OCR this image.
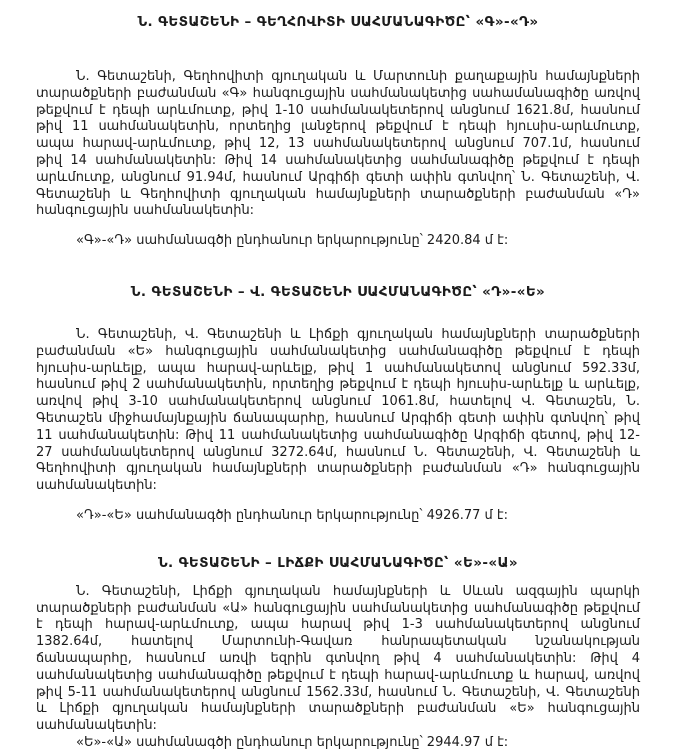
Ն. ԳԵՏԱՇԵՆԻ – ԳԵՂՀՈՎԻՏԻ ՍԱՀՄԱՆԱԳԻԾԸ՝ «Գ»-«Դ»

Ն. Գետաշենի, Գեղհովիտի գյուղական և Մարտունի քաղաքային համայնքների տարածքների բաժանման «Գ» հանգուցային սահմանակետից սահամանագիծը առվով թեքվում է դեպի արևմուտք, թիվ 1-10 սահմանակետերով անցնում 1621.8մ, հասնում թիվ 11 սահմանակետին, որտեղից լանջերով թեքվում է դեպի հյուսիս-արևմուտք, ապա հարավ-արևմուտք, թիվ 12, 13 սահմանակետերով անցնում 707.1մ, հասնում թիվ 14 սահմանակետին: Թիվ 14 սահմանակետից սահմանագիծը թեքվում է դեպի արևմուտք, անցնում 91.94մ, հասնում Արգիճի գետի ափին գտնվող՝ Ն. Գետաշենի, Վ. Գետաշենի և Գեղհովիտի գյուղական համայնքների տարածքների բաժանման «Դ» հանգուցային սահմանակետին:

«Գ»-«Դ» սահմանագծի ընդհանուր երկարությունը՝ 2420.84 մ է:

Ն. ԳԵՏԱՇԵՆԻ – Վ. ԳԵՏԱՇԵՆԻ ՍԱՀՄԱՆԱԳԻԾԸ՝ «Դ»-«Ե»

Ն. Գետաշենի, Վ. Գետաշենի և Լիճքի գյուղական համայնքների տարածքների բաժանման «Ե» հանգուցային սահմանակետից սահմանագիծը թեքվում է դեպի հյուսիս-արևելք, ապա հարավ-արևելք, թիվ 1 սահմանակետով անցնում 592.33մ, հասնում թիվ 2 սահմանակետին, որտեղից թեքվում է դեպի հյուսիս-արևելք և արևելք, առվով թիվ 3-10 սահմանակետերով անցնում 1061.8մ, հատելով Վ. Գետաշեն, Ն. Գետաշեն միջհամայնքային ճանապարհը, հասնում Արգիճի գետի ափին գտնվող՝ թիվ 11 սահմանակետին: Թիվ 11 սահմանակետից սահմանագիծը Արգիճի գետով, թիվ 12-27 սահմանակետերով անցնում 3272.64մ, հասնում Ն. Գետաշենի, Վ. Գետաշենի և Գեղհովիտի գյուղական համայնքների տարածքների բաժանման «Դ» հանգուցային սահմանակետին:

«Դ»-«Ե» սահմանագծի ընդհանուր երկարությունը՝ 4926.77 մ է:

Ն. ԳԵՏԱՇԵՆԻ – ԼԻՃՔԻ ՍԱՀՄԱՆԱԳԻԾԸ՝ «Ե»-«Ա»

Ն. Գետաշենի, Լիճքի գյուղական համայնքների և Սևան ազգային պարկի տարածքների բաժանման «Ա» հանգուցային սահմանակետից սահմանագիծը թեքվում է դեպի հարավ-արևմուտք, ապա հարավ թիվ 1-3 սահմանակետերով անցնում 1382.64մ, հատելով Մարտունի-Գավառ հանրապետական նշանակության ճանապարհը, հասնում առվի եզրին գտնվող թիվ 4 սահմանակետին: Թիվ 4 սահմանակետից սահմանագիծը թեքվում է դեպի հարավ-արևմուտք և հարավ, առվով թիվ 5-11 սահմանակետերով անցնում 1562.33մ, հասնում Ն. Գետաշենի, Վ. Գետաշենի և Լիճքի գյուղական համայնքների տարածքների բաժանման «Ե» հանգուցային սահմանակետին:

«Ե»-«Ա» սահմանագծի ընդհանուր երկարությունը՝ 2944.97 մ է:
